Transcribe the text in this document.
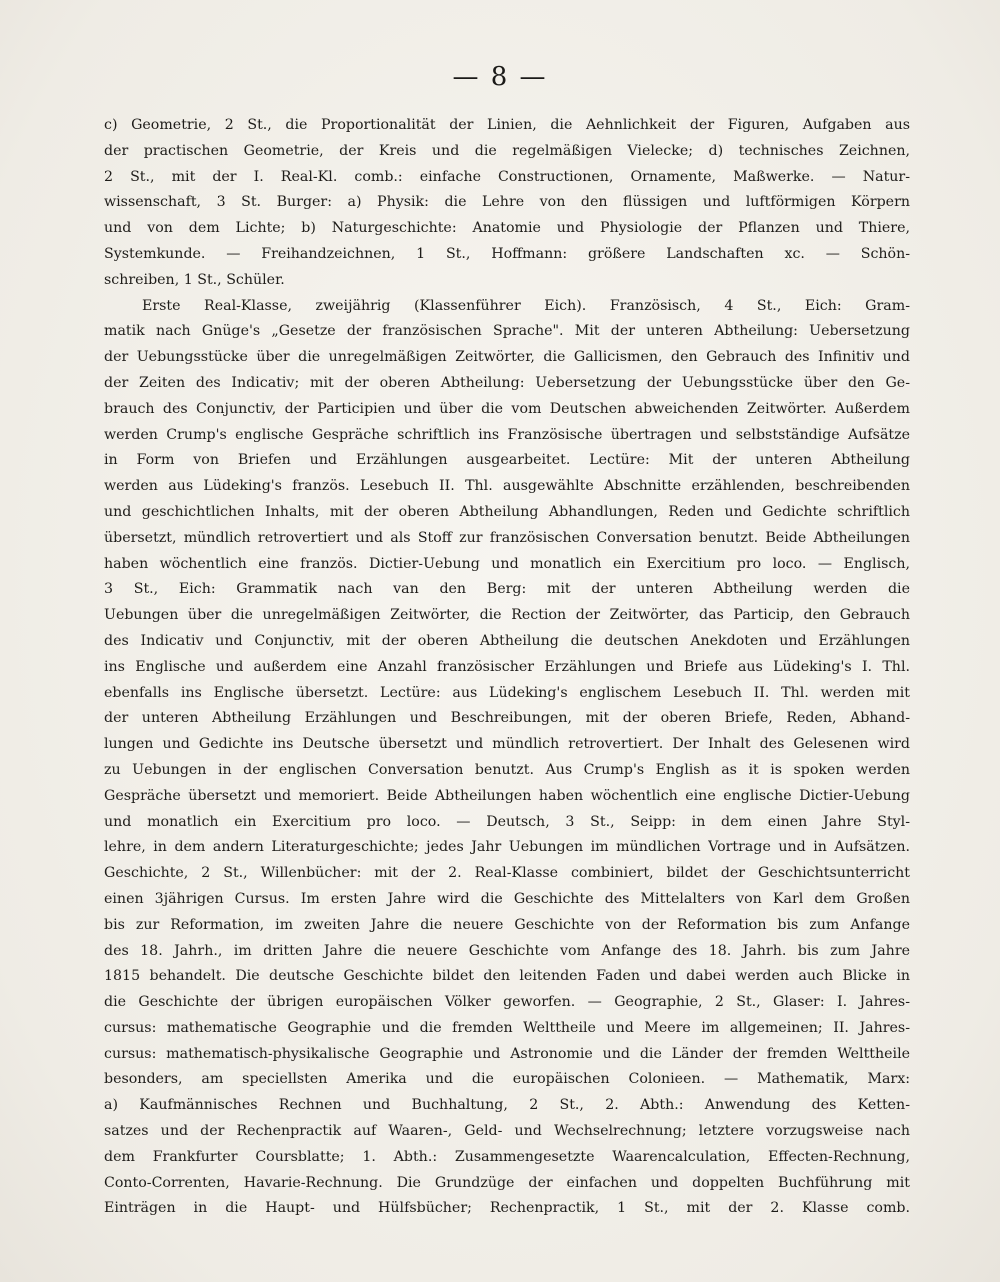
— 8 —
c) Geometrie, 2 St., die Proportionalität der Linien, die Aehnlichkeit der Figuren, Aufgaben aus
der practischen Geometrie, der Kreis und die regelmäßigen Vielecke; d) technisches Zeichnen,
2 St., mit der I. Real-Kl. comb.: einfache Constructionen, Ornamente, Maßwerke. — Natur-
wissenschaft, 3 St. Burger: a) Physik: die Lehre von den flüssigen und luftförmigen Körpern
und von dem Lichte; b) Naturgeschichte: Anatomie und Physiologie der Pflanzen und Thiere,
Systemkunde. — Freihandzeichnen, 1 St., Hoffmann: größere Landschaften xc. — Schön-
schreiben, 1 St., Schüler.
Erste Real-Klasse, zweijährig (Klassenführer Eich). Französisch, 4 St., Eich: Gram-
matik nach Gnüge's „Gesetze der französischen Sprache". Mit der unteren Abtheilung: Uebersetzung
der Uebungsstücke über die unregelmäßigen Zeitwörter, die Gallicismen, den Gebrauch des Infinitiv und
der Zeiten des Indicativ; mit der oberen Abtheilung: Uebersetzung der Uebungsstücke über den Ge-
brauch des Conjunctiv, der Participien und über die vom Deutschen abweichenden Zeitwörter. Außerdem
werden Crump's englische Gespräche schriftlich ins Französische übertragen und selbstständige Aufsätze
in Form von Briefen und Erzählungen ausgearbeitet. Lectüre: Mit der unteren Abtheilung
werden aus Lüdeking's französ. Lesebuch II. Thl. ausgewählte Abschnitte erzählenden, beschreibenden
und geschichtlichen Inhalts, mit der oberen Abtheilung Abhandlungen, Reden und Gedichte schriftlich
übersetzt, mündlich retrovertiert und als Stoff zur französischen Conversation benutzt. Beide Abtheilungen
haben wöchentlich eine französ. Dictier-Uebung und monatlich ein Exercitium pro loco. — Englisch,
3 St., Eich: Grammatik nach van den Berg: mit der unteren Abtheilung werden die
Uebungen über die unregelmäßigen Zeitwörter, die Rection der Zeitwörter, das Particip, den Gebrauch
des Indicativ und Conjunctiv, mit der oberen Abtheilung die deutschen Anekdoten und Erzählungen
ins Englische und außerdem eine Anzahl französischer Erzählungen und Briefe aus Lüdeking's I. Thl.
ebenfalls ins Englische übersetzt. Lectüre: aus Lüdeking's englischem Lesebuch II. Thl. werden mit
der unteren Abtheilung Erzählungen und Beschreibungen, mit der oberen Briefe, Reden, Abhand-
lungen und Gedichte ins Deutsche übersetzt und mündlich retrovertiert. Der Inhalt des Gelesenen wird
zu Uebungen in der englischen Conversation benutzt. Aus Crump's English as it is spoken werden
Gespräche übersetzt und memoriert. Beide Abtheilungen haben wöchentlich eine englische Dictier-Uebung
und monatlich ein Exercitium pro loco. — Deutsch, 3 St., Seipp: in dem einen Jahre Styl-
lehre, in dem andern Literaturgeschichte; jedes Jahr Uebungen im mündlichen Vortrage und in Aufsätzen.
Geschichte, 2 St., Willenbücher: mit der 2. Real-Klasse combiniert, bildet der Geschichtsunterricht
einen 3jährigen Cursus. Im ersten Jahre wird die Geschichte des Mittelalters von Karl dem Großen
bis zur Reformation, im zweiten Jahre die neuere Geschichte von der Reformation bis zum Anfange
des 18. Jahrh., im dritten Jahre die neuere Geschichte vom Anfange des 18. Jahrh. bis zum Jahre
1815 behandelt. Die deutsche Geschichte bildet den leitenden Faden und dabei werden auch Blicke in
die Geschichte der übrigen europäischen Völker geworfen. — Geographie, 2 St., Glaser: I. Jahres-
cursus: mathematische Geographie und die fremden Welttheile und Meere im allgemeinen; II. Jahres-
cursus: mathematisch-physikalische Geographie und Astronomie und die Länder der fremden Welttheile
besonders, am speciellsten Amerika und die europäischen Colonieen. — Mathematik, Marx:
a) Kaufmännisches Rechnen und Buchhaltung, 2 St., 2. Abth.: Anwendung des Ketten-
satzes und der Rechenpractik auf Waaren-, Geld- und Wechselrechnung; letztere vorzugsweise nach
dem Frankfurter Coursblatte; 1. Abth.: Zusammengesetzte Waarencalculation, Effecten-Rechnung,
Conto-Correnten, Havarie-Rechnung. Die Grundzüge der einfachen und doppelten Buchführung mit
Einträgen in die Haupt- und Hülfsbücher; Rechenpractik, 1 St., mit der 2. Klasse comb.
